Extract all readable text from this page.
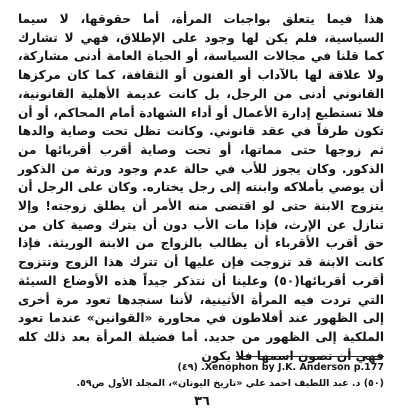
هذا فيما يتعلق بواجبات المرأة، أما حقوقها، لا سيما السياسية، فلم يكن لها وجود على الإطلاق، فهي لا تشارك كما قلنا في مجالات السياسة، أو الحياة العامة أدنى مشاركة، ولا علاقة لها بالآداب أو الفنون أو الثقافة، كما كان مركزها القانوني أدنى من الرجل، بل كانت عديمة الأهلية القانونية، فلا تستطيع إدارة الأعمال أو أداء الشهادة أمام المحاكم، أو أن تكون طرفاً في عقد قانوني. وكانت تظل تحت وصاية والدها ثم زوجها حتى مماتها، أو تحت وصاية أقرب أقربائها من الذكور. وكان يجوز للأب في حالة عدم وجود ورثة من الذكور أن يوصي بأملاكه وابنته إلى رجل يختاره. وكان على الرجل أن يتزوج الابنة حتى لو اقتضى منه الأمر أن يطلق زوجته! وإلا تنازل عن الإرث، فإذا مات الأب دون أن يترك وصية كان من حق أقرب الأقرباء أن يطالب بالزواج من الابنة الوريثة. فإذا كانت الابنة قد تزوجت فإن عليها أن تترك هذا الزوج وتتزوج أقرب أقربائها(٥٠) وعلينا أن نتذكر جيداً هذه الأوضاع السيئة التي تردت فيه المرأة الأثينية، لأننا سنجدها تعود مرة أخرى إلى الظهور عند أفلاطون في محاورة «القوانين» عندما تعود الملكية إلى الظهور من جديد. أما فضيلة المرأة بعد ذلك كله فهي أن تصون اسمها فلا يكون

Xenophon by J.K. Anderson p.177. (٤٩)
(٥٠) د. عبد اللطيف احمد علي «تاريخ اليونان»، المجلد الأول ص٥٩.
٣٦
